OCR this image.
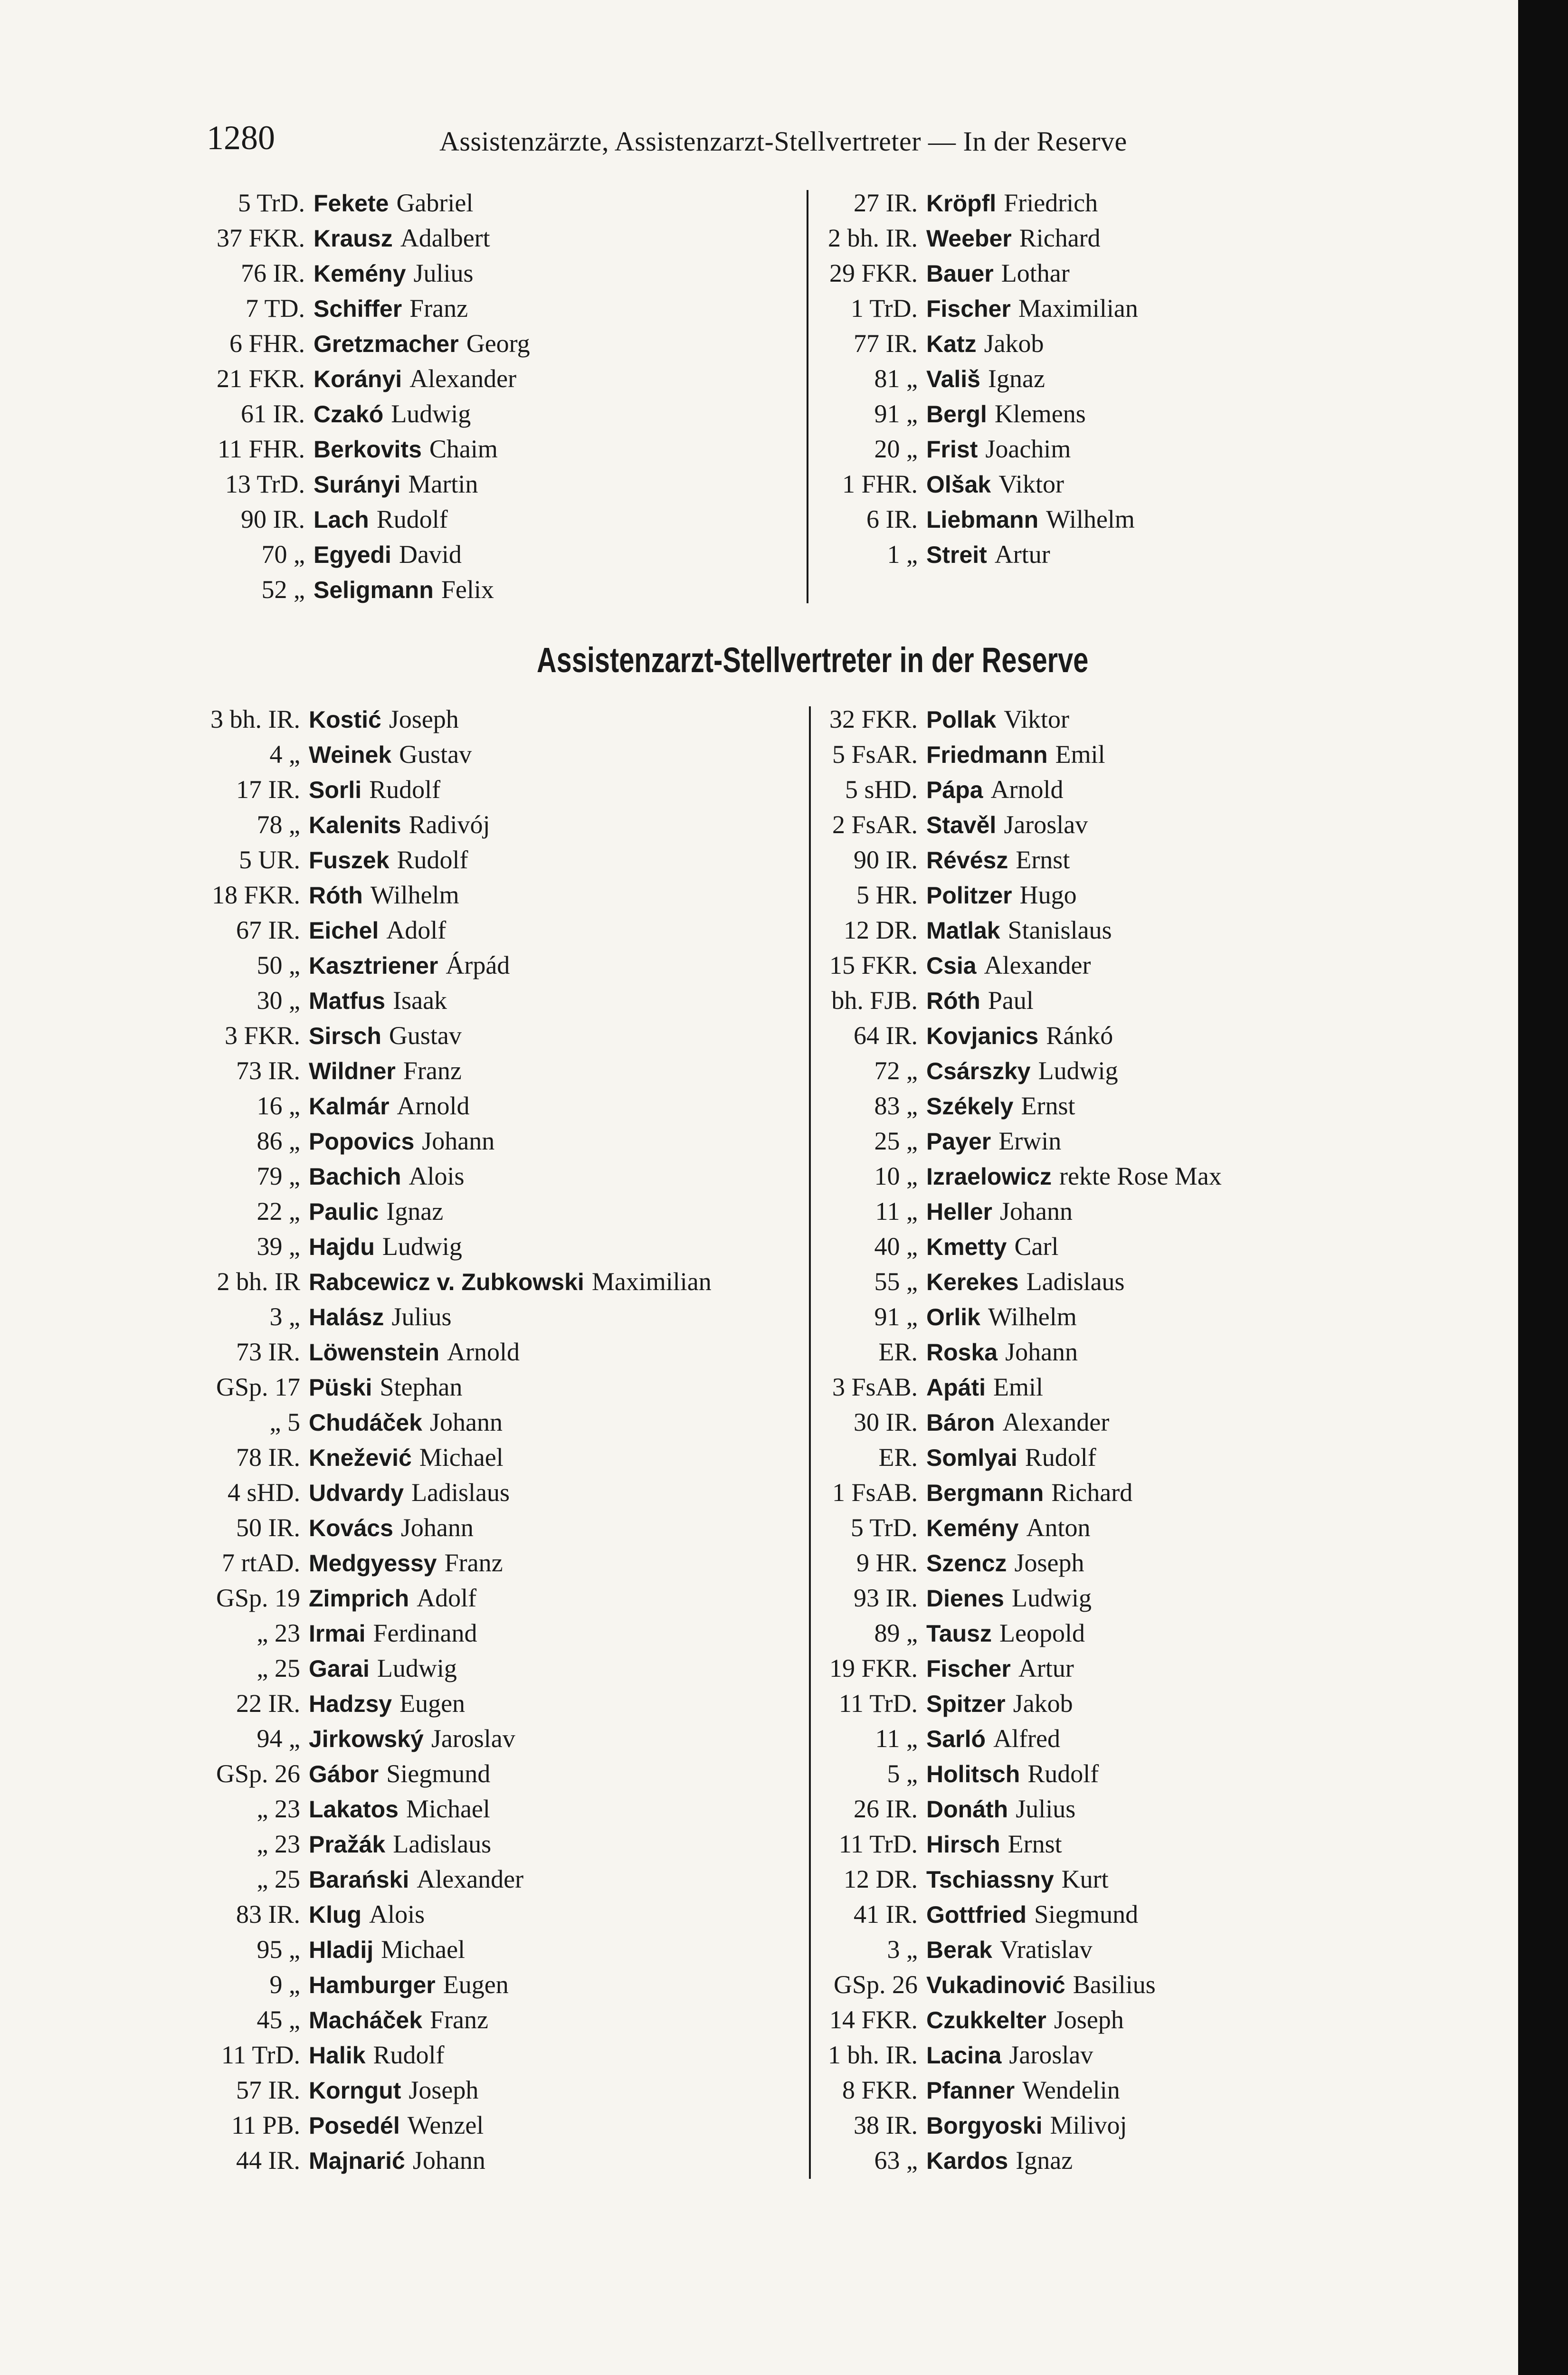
1280	Assistenzärzte, Assistenzarzt-Stellvertreter — In der Reserve
5 TrD. Fekete Gabriel
37 FKR. Krausz Adalbert
76 IR. Kemény Julius
7 TD. Schiffer Franz
6 FHR. Gretzmacher Georg
21 FKR. Korányi Alexander
61 IR. Czakó Ludwig
11 FHR. Berkovits Chaim
13 TrD. Surányi Martin
90 IR. Lach Rudolf
70 „ Egyedi David
52 „ Seligmann Felix
27 IR. Kröpfl Friedrich
2 bh. IR. Weeber Richard
29 FKR. Bauer Lothar
1 TrD. Fischer Maximilian
77 IR. Katz Jakob
81 „ Vališ Ignaz
91 „ Bergl Klemens
20 „ Frist Joachim
1 FHR. Olšak Viktor
6 IR. Liebmann Wilhelm
1 „ Streit Artur
Assistenzarzt-Stellvertreter in der Reserve
3 bh. IR. Kostić Joseph
4 „ Weinek Gustav
17 IR. Sorli Rudolf
78 „ Kalenits Radivój
5 UR. Fuszek Rudolf
18 FKR. Róth Wilhelm
67 IR. Eichel Adolf
50 „ Kasztriener Árpád
30 „ Matfus Isaak
3 FKR. Sirsch Gustav
73 IR. Wildner Franz
16 „ Kalmár Arnold
86 „ Popovics Johann
79 „ Bachich Alois
22 „ Paulic Ignaz
39 „ Hajdu Ludwig
2 bh. IR Rabcewicz v. Zubkowski Maximilian
3 „ Halász Julius
73 IR. Löwenstein Arnold
GSp. 17 Püski Stephan
„ 5 Chudáček Johann
78 IR. Knežević Michael
4 sHD. Udvardy Ladislaus
50 IR. Kovács Johann
7 rtAD. Medgyessy Franz
GSp. 19 Zimprich Adolf
„ 23 Irmai Ferdinand
„ 25 Garai Ludwig
22 IR. Hadzsy Eugen
94 „ Jirkowský Jaroslav
GSp. 26 Gábor Siegmund
„ 23 Lakatos Michael
„ 23 Pražák Ladislaus
„ 25 Barański Alexander
83 IR. Klug Alois
95 „ Hladij Michael
9 „ Hamburger Eugen
45 „ Macháček Franz
11 TrD. Halik Rudolf
57 IR. Korngut Joseph
11 PB. Posedél Wenzel
44 IR. Majnarić Johann
32 FKR. Pollak Viktor
5 FsAR. Friedmann Emil
5 sHD. Pápa Arnold
2 FsAR. Stavěl Jaroslav
90 IR. Révész Ernst
5 HR. Politzer Hugo
12 DR. Matlak Stanislaus
15 FKR. Csia Alexander
bh. FJB. Róth Paul
64 IR. Kovjanics Ránkó
72 „ Csárszky Ludwig
83 „ Székely Ernst
25 „ Payer Erwin
10 „ Izraelowicz rekte Rose Max
11 „ Heller Johann
40 „ Kmetty Carl
55 „ Kerekes Ladislaus
91 „ Orlik Wilhelm
ER. Roska Johann
3 FsAB. Apáti Emil
30 IR. Báron Alexander
ER. Somlyai Rudolf
1 FsAB. Bergmann Richard
5 TrD. Kemény Anton
9 HR. Szencz Joseph
93 IR. Dienes Ludwig
89 „ Tausz Leopold
19 FKR. Fischer Artur
11 TrD. Spitzer Jakob
11 „ Sarló Alfred
5 „ Holitsch Rudolf
26 IR. Donáth Julius
11 TrD. Hirsch Ernst
12 DR. Tschiassny Kurt
41 IR. Gottfried Siegmund
3 „ Berak Vratislav
GSp. 26 Vukadinović Basilius
14 FKR. Czukkelter Joseph
1 bh. IR. Lacina Jaroslav
8 FKR. Pfanner Wendelin
38 IR. Borgyoski Milivoj
63 „ Kardos Ignaz
